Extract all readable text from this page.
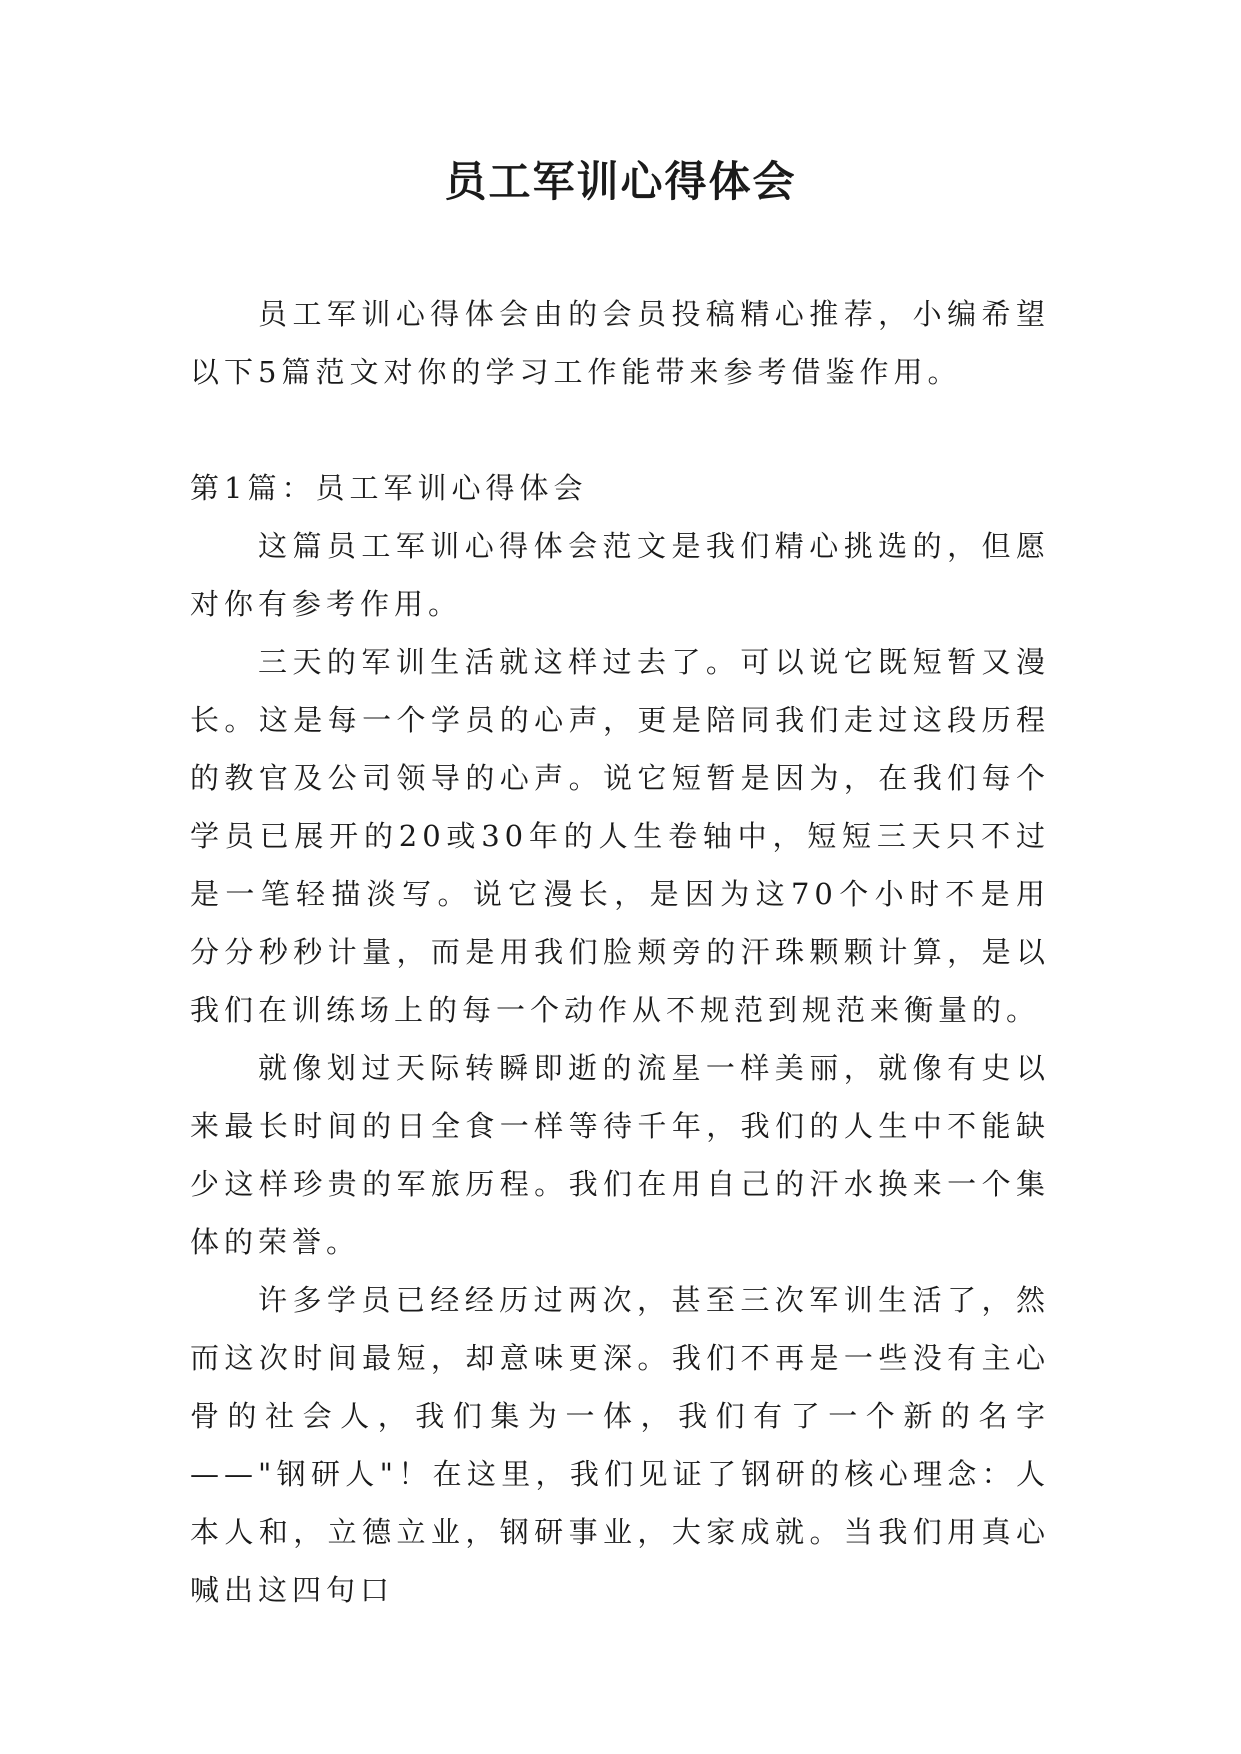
员工军训心得体会

员工军训心得体会由的会员投稿精心推荐，小编希望以下5篇范文对你的学习工作能带来参考借鉴作用。

第1篇：员工军训心得体会

这篇员工军训心得体会范文是我们精心挑选的，但愿对你有参考作用。

三天的军训生活就这样过去了。可以说它既短暂又漫长。这是每一个学员的心声，更是陪同我们走过这段历程的教官及公司领导的心声。说它短暂是因为，在我们每个学员已展开的20或30年的人生卷轴中，短短三天只不过是一笔轻描淡写。说它漫长，是因为这70个小时不是用分分秒秒计量，而是用我们脸颊旁的汗珠颗颗计算，是以我们在训练场上的每一个动作从不规范到规范来衡量的。

就像划过天际转瞬即逝的流星一样美丽，就像有史以来最长时间的日全食一样等待千年，我们的人生中不能缺少这样珍贵的军旅历程。我们在用自己的汗水换来一个集体的荣誉。

许多学员已经经历过两次，甚至三次军训生活了，然而这次时间最短，却意味更深。我们不再是一些没有主心骨的社会人，我们集为一体，我们有了一个新的名字——"钢研人"！在这里，我们见证了钢研的核心理念：人本人和，立德立业，钢研事业，大家成就。当我们用真心喊出这四句口
